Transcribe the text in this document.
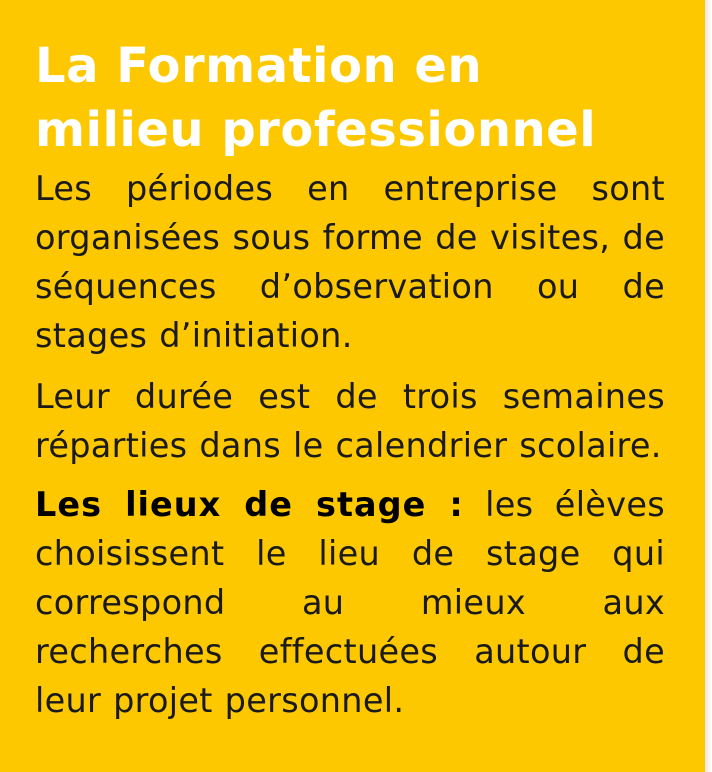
La Formation en
milieu professionnel

Les périodes en entreprise sont organisées sous forme de visites, de séquences d’observation ou de stages d’initiation.

Leur durée est de trois semaines réparties dans le calendrier scolaire.

Les lieux de stage : les élèves choisissent le lieu de stage qui correspond au mieux aux recherches effectuées autour de leur projet personnel.
